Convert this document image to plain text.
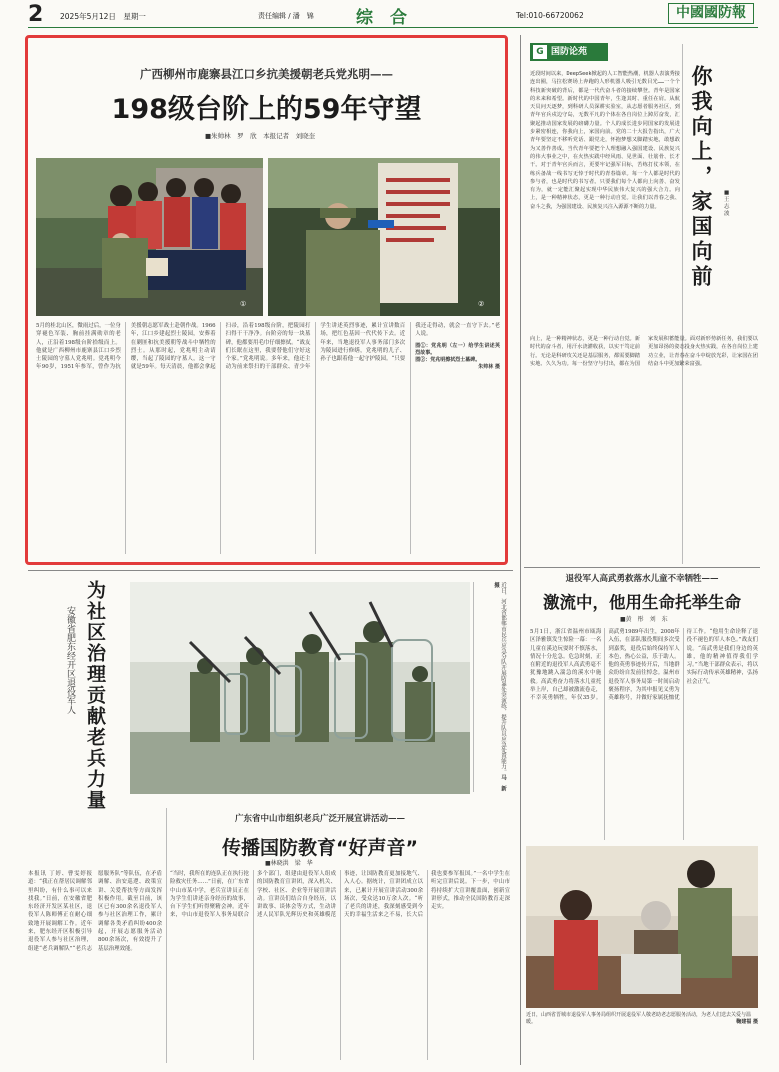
2 2025年5月12日　星期一	责任编辑 / 潘　锦 综　合	Tel:010-66720062	中國國防報
广西柳州市鹿寨县江口乡抗美援朝老兵党兆明——
198级台阶上的59年守望
■朱帅林　罗　欣　本报记者　刘晓奎
①	②
5月的桂北山区，微雨过后，一位身穿褪色军装、胸前挂满勋章的老人，正沿着198级台阶拾级而上。他就是广西柳州市鹿寨县江口乡烈士陵园的守墓人党兆明。党兆明今年90岁，1951年参军，曾作为抗美援朝志愿军战士赴朝作战。1966年，江口乡建起烈士陵园，安葬着在剿匪和抗美援朝等战斗中牺牲的烈士。从那时起，党兆明主动请缨，当起了陵园的守墓人，这一守就是59年。每天清晨，他都会拿起扫帚，沿着198级台阶，把陵园打扫得干干净净。台阶旁的每一块墓碑，他都要用毛巾仔细擦拭。“战友们长眠在这里，我要替他们守好这个家。”党兆明说。多年来，他还主动为前来祭扫的干部群众、青少年学生讲述英烈事迹，累计宣讲数百场，把红色基因一代代传下去。近年来，当地退役军人事务部门多次为陵园进行修缮，党兆明的儿子、孙子也跟着他一起守护陵园。“只要我还走得动，就会一直守下去。”老人说。
图①：党兆明（左一）给学生讲述英烈故事。
图②：党兆明擦拭烈士墓碑。
朱帅林 摄
G 国防论苑
你我向上，家国向前	■王志波
近段时间以来，DeepSeek掀起的人工智能热潮，机器人表演秀接连出圈，马拉松赛场上奔跑的人形机器人吸引无数目光……一个个科技新突破的背后，都是一代代奋斗者的接续攀登。青年是国家的未来和希望。新时代的中国青年，生逢其时、重任在肩。从航天员问天逐梦，到科研人员深耕实验室，从志愿者服务社区，到青年官兵戍边守岛，无数平凡的个体在各自岗位上踔厉奋发，汇聚起推动国家发展的磅礴力量。个人的成长进步同国家的发展进步紧密相连，你我向上，家国向前。党的二十大报告指出，广大青年要坚定不移听党话、跟党走，怀抱梦想又脚踏实地，敢想敢为又善作善成。当代青年要把个人理想融入强国建设、民族复兴的伟大事业之中，在火热实践中经风雨、见世面、壮筋骨、长才干。对于青年官兵而言，更要牢记强军目标，苦练打仗本领，在练兵备战一线书写无悻于时代的青春篇章。每一个人都是时代的参与者，也是时代的书写者。只要我们每个人都向上向善、奋发有为，就一定能汇聚起实现中华民族伟大复兴的强大合力。向上，是一种精神状态，更是一种行动自觉。让我们以青春之我、奋斗之我，为强国建设、民族复兴注入源源不断的力量。
向上，是一种精神状态，更是一种行动自觉。新时代的奋斗者，用汗水浇灌收获，以实干笃定前行。无论是科研攻关还是基层服务，都需要脚踏实地、久久为功。每一份坚守与付出，都在为国家发展积蓄能量。面对新形势新任务，我们要以更加昂扬的姿态投身火热实践，在各自岗位上建功立业，让青春在奋斗中绽放光彩，让家国在团结奋斗中更加繁荣富强。
安徽省肥东经开区退役军人 为社区治理贡献老兵力量	近日，河北省邯郸市民兵应急分队开展防暴处突演练，提升队员应急处置能力。马　新 摄
广东省中山市组织老兵广泛开展宣讲活动——
传播国防教育“好声音”
■林晓洪　梁　华
“当时，我所在的连队正在执行抢险救灾任务……”日前，在广东省中山市某中学，老兵宣讲员正在为学生们讲述亲身经历的故事，台下学生们听得聚精会神。近年来，中山市退役军人事务局联合多个部门，组建由退役军人组成的国防教育宣讲团，深入机关、学校、社区、企业等开展宣讲活动。宣讲员们结合自身经历，以讲故事、谈体会等方式，生动讲述人民军队光辉历史和英雄模范事迹，让国防教育更加接地气、入人心。据统计，宣讲团成立以来，已累计开展宣讲活动300余场次，受众达10万余人次。“听了老兵的讲述，我深刻感受到今天的幸福生活来之不易，长大后我也要参军报国。”一名中学生在听完宣讲后说。下一步，中山市将持续扩大宣讲覆盖面，创新宣讲形式，推动全民国防教育走深走实。
本报讯 丁婷、曹雯婷报道：“我正在帮居民调解邻里纠纷，有什么事可以来找我。”日前，在安徽省肥东经济开发区某社区，退役军人陈师傅正在耐心细致地开展调解工作。近年来，肥东经开区积极引导退役军人参与社区治理，组建“老兵调解队”“老兵志愿服务队”等队伍，在矛盾调解、治安巡逻、政策宣讲、关爱帮扶等方面发挥积极作用。截至目前，该区已有300余名退役军人参与社区治理工作，累计调解各类矛盾纠纷400余起，开展志愿服务活动800余场次，有效提升了基层治理效能。
退役军人高武勇救落水儿童不幸牺牲——
激流中，他用生命托举生命
■黄　彤　刘　东
5月1日，浙江省温州市瓯海区泽雅镇发生惊险一幕：一名儿童在溪边玩耍时不慎落水，情况十分危急。危急时刻，正在附近的退役军人高武勇毫不犹豫地跳入湍急的溪水中施救。高武勇奋力将落水儿童托举上岸，自己却被激流卷走，不幸英勇牺牲，年仅35岁。高武勇1989年出生，2008年入伍，在部队服役期间多次受到嘉奖，退役后始终保持军人本色，热心公益，乐于助人。他的英勇事迹传开后，当地群众纷纷自发前往悼念。温州市退役军人事务局第一时间启动褒扬程序，为其申报见义勇为英雄称号，并做好家属抚恤优待工作。“他用生命诠释了退役不褪色的军人本色。”战友们说。“高武勇是我们身边的英雄，他的精神值得我们学习。”当地干部群众表示，将以实际行动传承英雄精神，弘扬社会正气。
近日，山西省晋城市退役军人事务局组织开展退役军人敬老助老志愿服务活动，为老人们送去关爱与温暖。	鞠建福 摄
